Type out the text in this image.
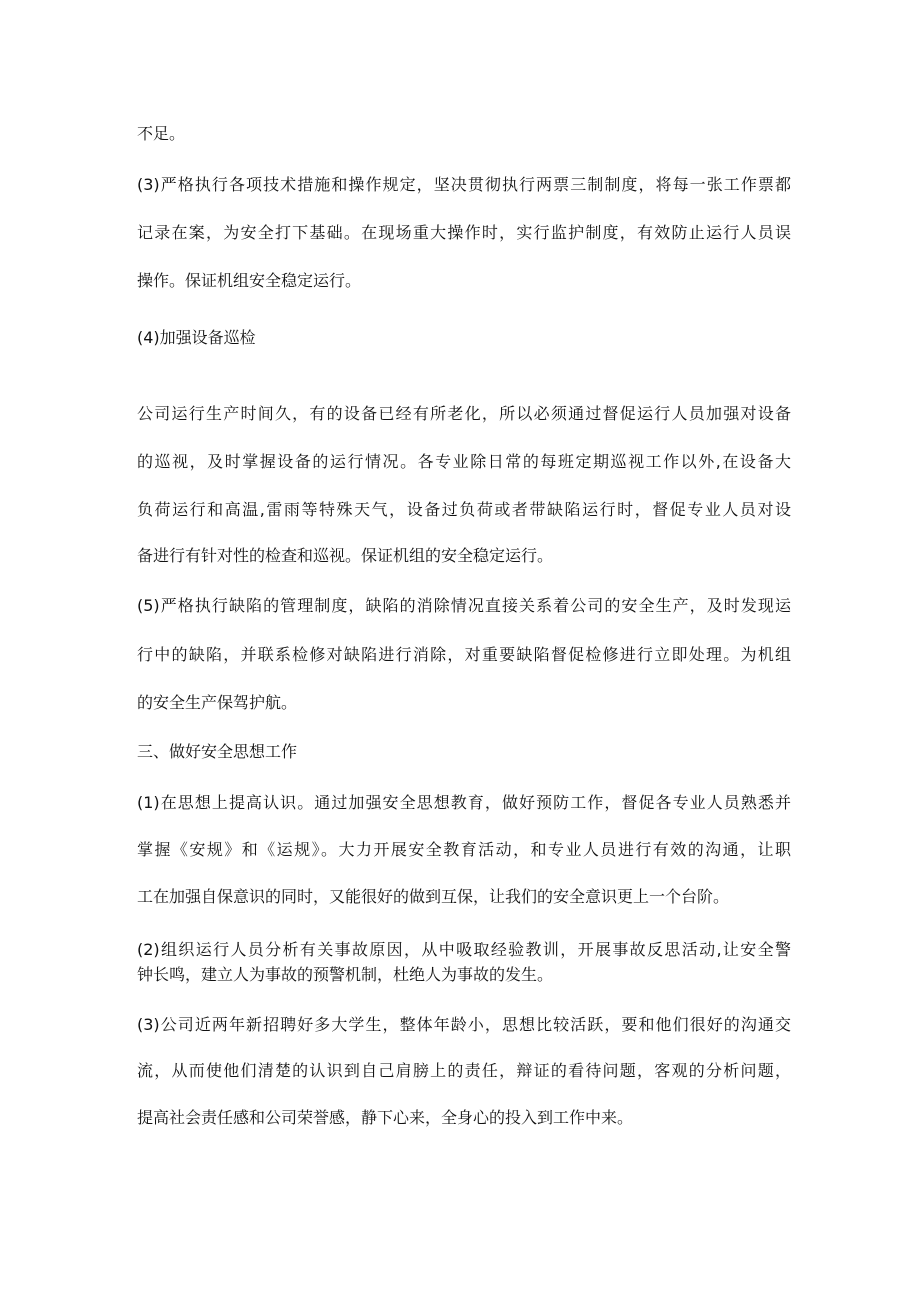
不足。

(3)严格执行各项技术措施和操作规定，坚决贯彻执行两票三制制度，将每一张工作票都

记录在案，为安全打下基础。在现场重大操作时，实行监护制度，有效防止运行人员误

操作。保证机组安全稳定运行。

(4)加强设备巡检

公司运行生产时间久，有的设备已经有所老化，所以必须通过督促运行人员加强对设备

的巡视，及时掌握设备的运行情况。各专业除日常的每班定期巡视工作以外,在设备大

负荷运行和高温,雷雨等特殊天气，设备过负荷或者带缺陷运行时，督促专业人员对设

备进行有针对性的检查和巡视。保证机组的安全稳定运行。

(5)严格执行缺陷的管理制度，缺陷的消除情况直接关系着公司的安全生产，及时发现运

行中的缺陷，并联系检修对缺陷进行消除，对重要缺陷督促检修进行立即处理。为机组

的安全生产保驾护航。

三、做好安全思想工作

(1)在思想上提高认识。通过加强安全思想教育，做好预防工作，督促各专业人员熟悉并

掌握《安规》和《运规》。大力开展安全教育活动，和专业人员进行有效的沟通，让职

工在加强自保意识的同时，又能很好的做到互保，让我们的安全意识更上一个台阶。

(2)组织运行人员分析有关事故原因，从中吸取经验教训，开展事故反思活动,让安全警

钟长鸣，建立人为事故的预警机制，杜绝人为事故的发生。

(3)公司近两年新招聘好多大学生，整体年龄小，思想比较活跃，要和他们很好的沟通交

流，从而使他们清楚的认识到自己肩膀上的责任，辩证的看待问题，客观的分析问题，

提高社会责任感和公司荣誉感，静下心来，全身心的投入到工作中来。
